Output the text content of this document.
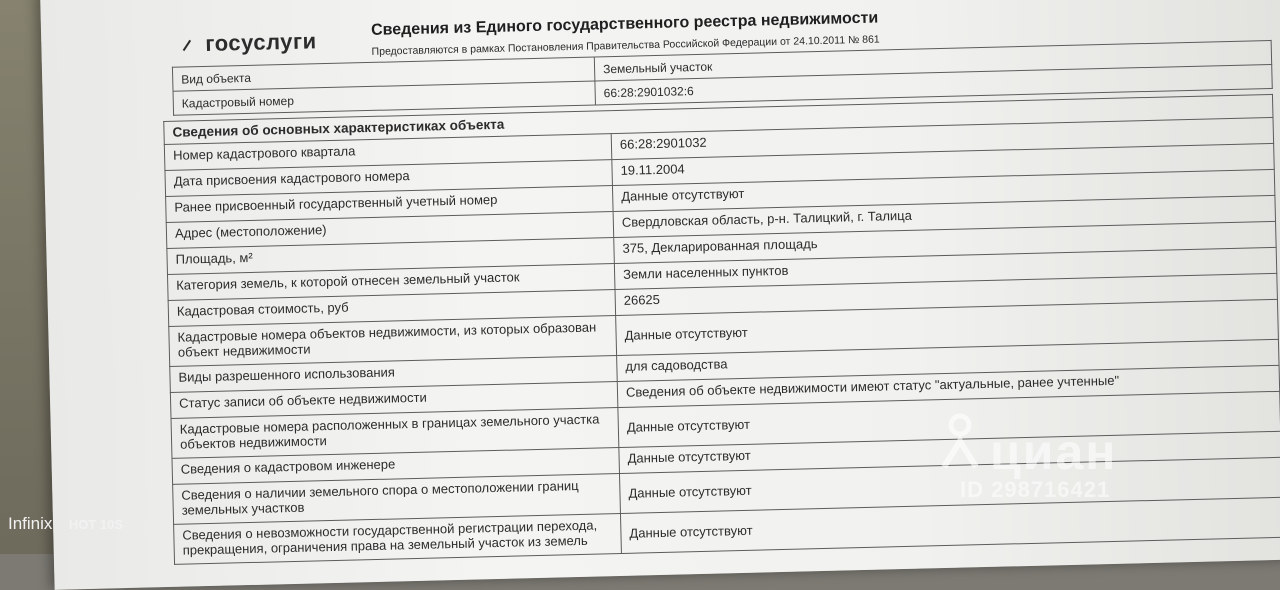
госуслуги
Сведения из Единого государственного реестра недвижимости
Предоставляются в рамках Постановления Правительства Российской Федерации от 24.10.2011 № 861
Вид объекта	Земельный участок
Кадастровый номер	66:28:2901032:6
Сведения об основных характеристиках объекта	
Номер кадастрового квартала	66:28:2901032
Дата присвоения кадастрового номера	19.11.2004
Ранее присвоенный государственный учетный номер	Данные отсутствуют
Адрес (местоположение)	Свердловская область, р-н. Талицкий, г. Талица
Площадь, м²	375, Декларированная площадь
Категория земель, к которой отнесен земельный участок	Земли населенных пунктов
Кадастровая стоимость, руб	26625
Кадастровые номера объектов недвижимости, из которых образован объект недвижимости	Данные отсутствуют
Виды разрешенного использования	для садоводства
Статус записи об объекте недвижимости	Сведения об объекте недвижимости имеют статус "актуальные, ранее учтенные"
Кадастровые номера расположенных в границах земельного участка объектов недвижимости	Данные отсутствуют
Сведения о кадастровом инженере	Данные отсутствуют
Сведения о наличии земельного спора о местоположении границ земельных участков	Данные отсутствуют
Сведения о невозможности государственной регистрации перехода, прекращения, ограничения права на земельный участок из земель	Данные отсутствуют
циан
ID 298716421
Infinix HOT 10S
